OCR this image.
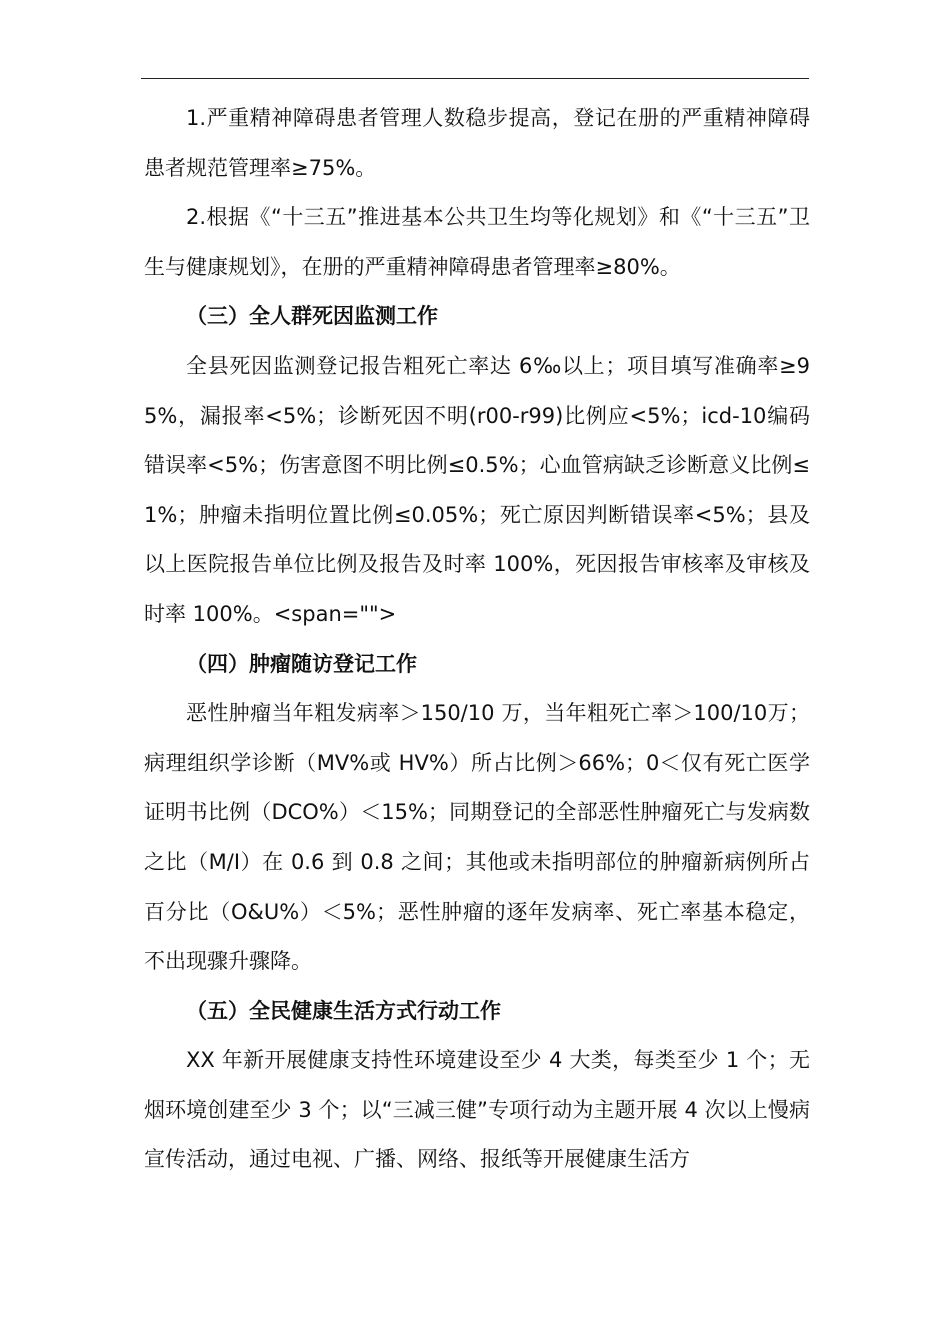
1.严重精神障碍患者管理人数稳步提高，登记在册的严重精神障碍患者规范管理率≥75%。

2.根据《“十三五”推进基本公共卫生均等化规划》和《“十三五”卫生与健康规划》，在册的严重精神障碍患者管理率≥80%。

（三）全人群死因监测工作

全县死因监测登记报告粗死亡率达 6‰以上；项目填写准确率≥95%，漏报率<5%；诊断死因不明(r00-r99)比例应<5%；icd-10编码错误率<5%；伤害意图不明比例≤0.5%；心血管病缺乏诊断意义比例≤1%；肿瘤未指明位置比例≤0.05%；死亡原因判断错误率<5%；县及以上医院报告单位比例及报告及时率 100%，死因报告审核率及审核及时率 100%。<span="">

（四）肿瘤随访登记工作

恶性肿瘤当年粗发病率＞150/10 万，当年粗死亡率＞100/10万；病理组织学诊断（MV%或 HV%）所占比例＞66%；0＜仅有死亡医学证明书比例（DCO%）＜15%；同期登记的全部恶性肿瘤死亡与发病数之比（M/I）在 0.6 到 0.8 之间；其他或未指明部位的肿瘤新病例所占百分比（O&U%）＜5%；恶性肿瘤的逐年发病率、死亡率基本稳定，不出现骤升骤降。

（五）全民健康生活方式行动工作

XX 年新开展健康支持性环境建设至少 4 大类，每类至少 1 个；无烟环境创建至少 3 个；以“三减三健”专项行动为主题开展 4 次以上慢病宣传活动，通过电视、广播、网络、报纸等开展健康生活方
